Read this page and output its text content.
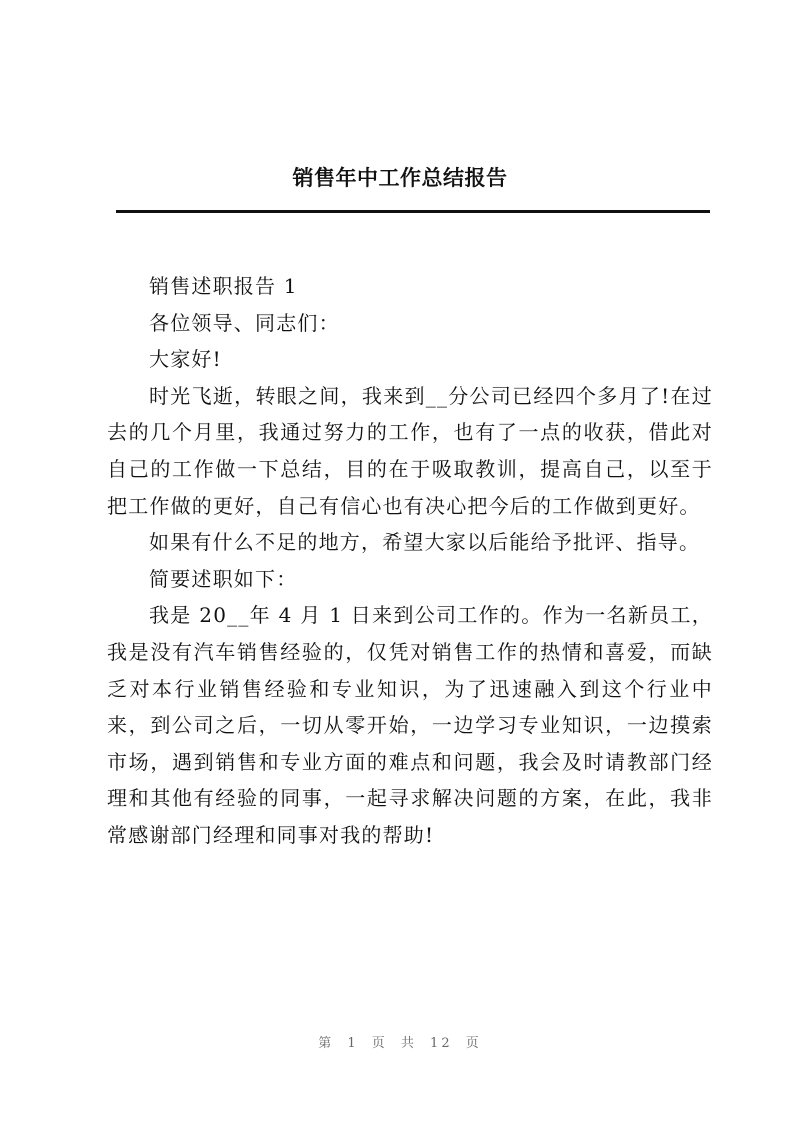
销售年中工作总结报告

销售述职报告 1

各位领导、同志们：

大家好!

时光飞逝，转眼之间，我来到__分公司已经四个多月了!在过去的几个月里，我通过努力的工作，也有了一点的收获，借此对自己的工作做一下总结，目的在于吸取教训，提高自己，以至于把工作做的更好，自己有信心也有决心把今后的工作做到更好。

如果有什么不足的地方，希望大家以后能给予批评、指导。

简要述职如下：

我是 20__年 4 月 1 日来到公司工作的。作为一名新员工，我是没有汽车销售经验的，仅凭对销售工作的热情和喜爱，而缺乏对本行业销售经验和专业知识，为了迅速融入到这个行业中来，到公司之后，一切从零开始，一边学习专业知识，一边摸索市场，遇到销售和专业方面的难点和问题，我会及时请教部门经理和其他有经验的同事，一起寻求解决问题的方案，在此，我非常感谢部门经理和同事对我的帮助!

第 1 页 共 12 页
